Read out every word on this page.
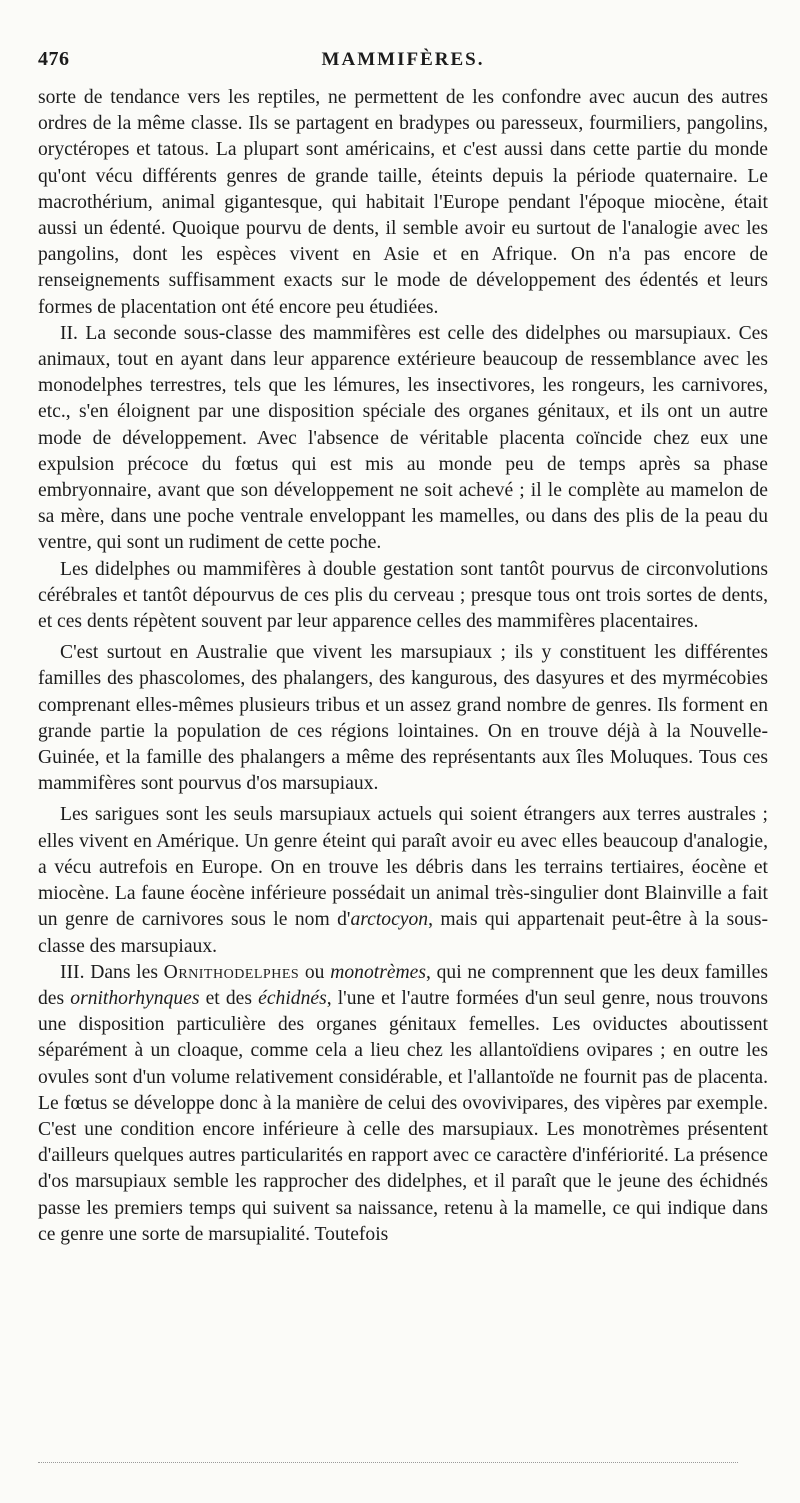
476	MAMMIFÈRES.

sorte de tendance vers les reptiles, ne permettent de les confondre avec aucun des autres ordres de la même classe. Ils se partagent en bradypes ou paresseux, fourmiliers, pangolins, oryctéropes et tatous. La plupart sont américains, et c'est aussi dans cette partie du monde qu'ont vécu différents genres de grande taille, éteints depuis la période quaternaire. Le macrothérium, animal gigantesque, qui habitait l'Europe pendant l'époque miocène, était aussi un édenté. Quoique pourvu de dents, il semble avoir eu surtout de l'analogie avec les pangolins, dont les espèces vivent en Asie et en Afrique. On n'a pas encore de renseignements suffisamment exacts sur le mode de développement des édentés et leurs formes de placentation ont été encore peu étudiées.

II. La seconde sous-classe des mammifères est celle des didelphes ou marsupiaux. Ces animaux, tout en ayant dans leur apparence extérieure beaucoup de ressemblance avec les monodelphes terrestres, tels que les lémures, les insectivores, les rongeurs, les carnivores, etc., s'en éloignent par une disposition spéciale des organes génitaux, et ils ont un autre mode de développement. Avec l'absence de véritable placenta coïncide chez eux une expulsion précoce du fœtus qui est mis au monde peu de temps après sa phase embryonnaire, avant que son développement ne soit achevé ; il le complète au mamelon de sa mère, dans une poche ventrale enveloppant les mamelles, ou dans des plis de la peau du ventre, qui sont un rudiment de cette poche.

Les didelphes ou mammifères à double gestation sont tantôt pourvus de circonvolutions cérébrales et tantôt dépourvus de ces plis du cerveau ; presque tous ont trois sortes de dents, et ces dents répètent souvent par leur apparence celles des mammifères placentaires.

C'est surtout en Australie que vivent les marsupiaux ; ils y constituent les différentes familles des phascolomes, des phalangers, des kangurous, des dasyures et des myrmécobies comprenant elles-mêmes plusieurs tribus et un assez grand nombre de genres. Ils forment en grande partie la population de ces régions lointaines. On en trouve déjà à la Nouvelle-Guinée, et la famille des phalangers a même des représentants aux îles Moluques. Tous ces mammifères sont pourvus d'os marsupiaux.

Les sarigues sont les seuls marsupiaux actuels qui soient étrangers aux terres australes ; elles vivent en Amérique. Un genre éteint qui paraît avoir eu avec elles beaucoup d'analogie, a vécu autrefois en Europe. On en trouve les débris dans les terrains tertiaires, éocène et miocène. La faune éocène inférieure possédait un animal très-singulier dont Blainville a fait un genre de carnivores sous le nom d'arctocyon, mais qui appartenait peut-être à la sous-classe des marsupiaux.

III. Dans les Ornithodelphes ou monotrèmes, qui ne comprennent que les deux familles des ornithorhynques et des échidnés, l'une et l'autre formées d'un seul genre, nous trouvons une disposition particulière des organes génitaux femelles. Les oviductes aboutissent séparément à un cloaque, comme cela a lieu chez les allantoïdiens ovipares ; en outre les ovules sont d'un volume relativement considérable, et l'allantoïde ne fournit pas de placenta. Le fœtus se développe donc à la manière de celui des ovovivipares, des vipères par exemple. C'est une condition encore inférieure à celle des marsupiaux. Les monotrèmes présentent d'ailleurs quelques autres particularités en rapport avec ce caractère d'infériorité. La présence d'os marsupiaux semble les rapprocher des didelphes, et il paraît que le jeune des échidnés passe les premiers temps qui suivent sa naissance, retenu à la mamelle, ce qui indique dans ce genre une sorte de marsupialité. Toutefois
